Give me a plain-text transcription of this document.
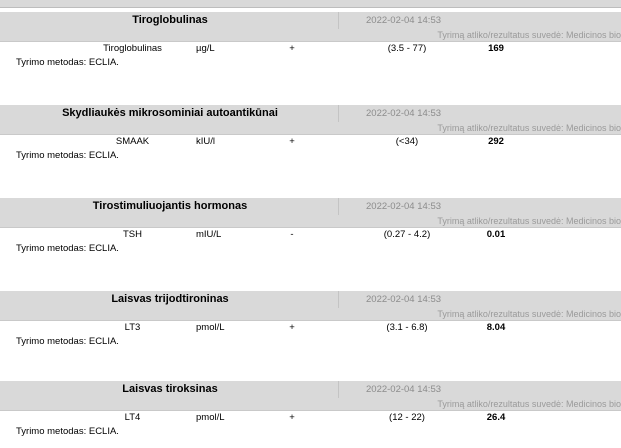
Tiroglobulinas	2022-02-04 14:53
Tyrimą atliko/rezultatus suvedė: Medicinos bio
Tiroglobulinas	µg/L	+	(3.5 - 77)	169
Tyrimo metodas: ECLIA.
Skydliaukės mikrosominiai autoantikūnai	2022-02-04 14:53
Tyrimą atliko/rezultatus suvedė: Medicinos bio
SMAAK	kIU/l	+	(<34)	292
Tyrimo metodas: ECLIA.
Tirostimuliuojantis hormonas	2022-02-04 14:53
Tyrimą atliko/rezultatus suvedė: Medicinos bio
TSH	mIU/L	-	(0.27 - 4.2)	0.01
Tyrimo metodas: ECLIA.
Laisvas trijodtironinas	2022-02-04 14:53
Tyrimą atliko/rezultatus suvedė: Medicinos bio
LT3	pmol/L	+	(3.1 - 6.8)	8.04
Tyrimo metodas: ECLIA.
Laisvas tiroksinas	2022-02-04 14:53
Tyrimą atliko/rezultatus suvedė: Medicinos bio
LT4	pmol/L	+	(12 - 22)	26.4
Tyrimo metodas: ECLIA.
